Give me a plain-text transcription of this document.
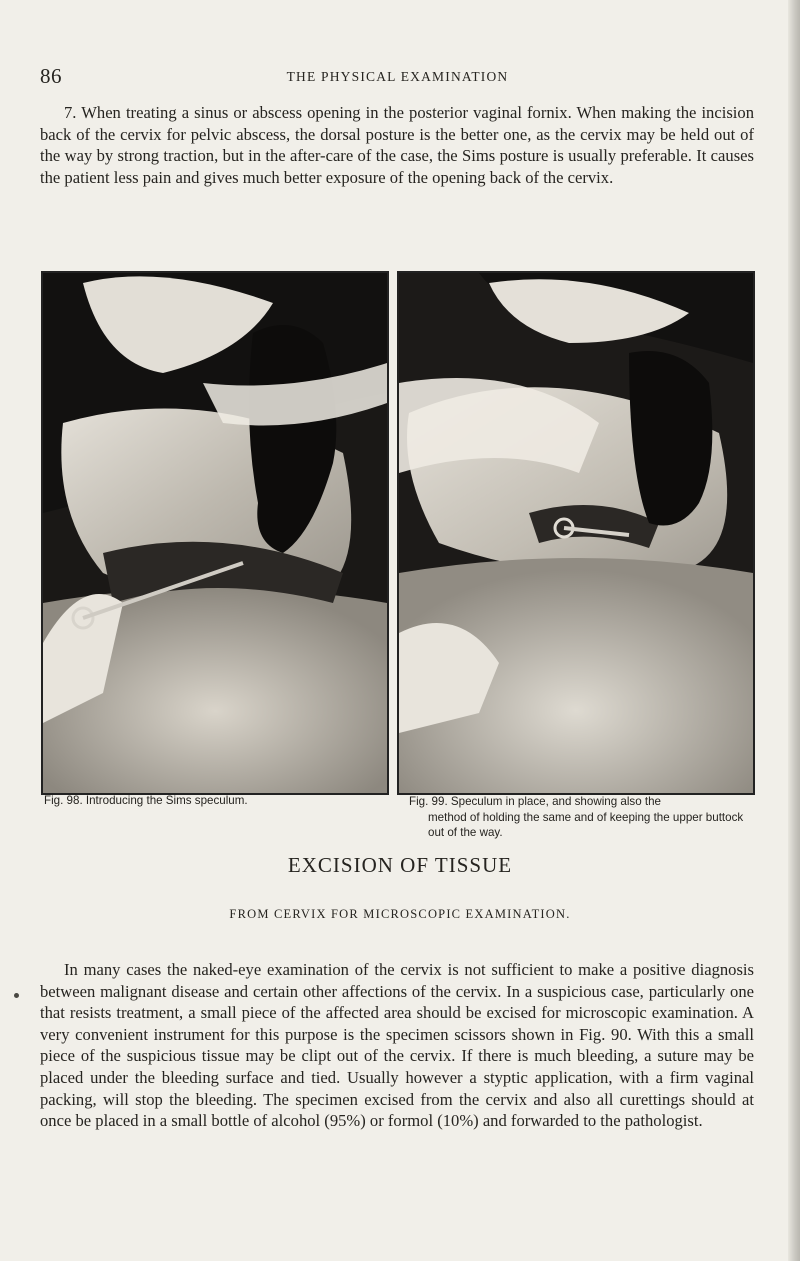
86	THE PHYSICAL EXAMINATION

7. When treating a sinus or abscess opening in the posterior vaginal fornix. When making the incision back of the cervix for pelvic abscess, the dorsal posture is the better one, as the cervix may be held out of the way by strong traction, but in the after-care of the case, the Sims posture is usually preferable. It causes the patient less pain and gives much better exposure of the opening back of the cervix.

Fig. 98. Introducing the Sims speculum.	Fig. 99. Speculum in place, and showing also the
method of holding the same and of keeping the upper buttock out of the way.

EXCISION OF TISSUE
FROM CERVIX FOR MICROSCOPIC EXAMINATION.

In many cases the naked-eye examination of the cervix is not sufficient to make a positive diagnosis between malignant disease and certain other affections of the cervix. In a suspicious case, particularly one that resists treatment, a small piece of the affected area should be excised for microscopic examination. A very convenient instrument for this purpose is the specimen scissors shown in Fig. 90. With this a small piece of the suspicious tissue may be clipt out of the cervix. If there is much bleeding, a suture may be placed under the bleeding surface and tied. Usually however a styptic application, with a firm vaginal packing, will stop the bleeding. The specimen excised from the cervix and also all curettings should at once be placed in a small bottle of alcohol (95%) or formol (10%) and forwarded to the pathologist.
